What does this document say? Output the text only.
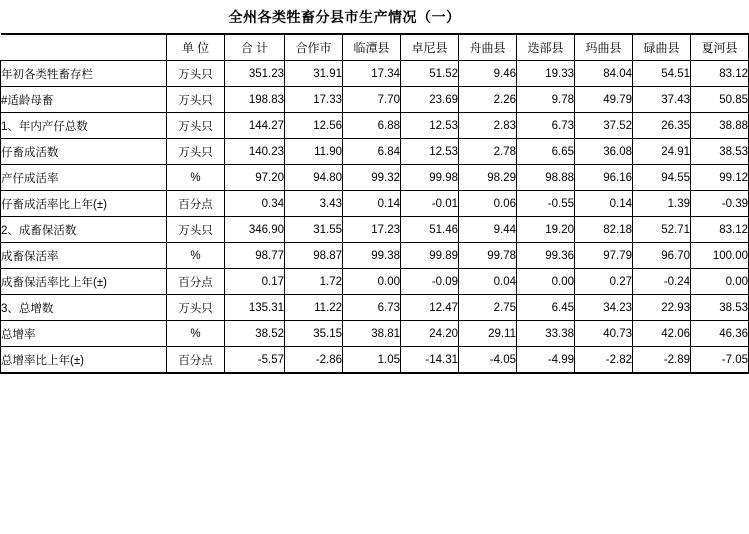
全州各类牲畜分县市生产情况（一）
	单 位	合 计	合作市	临潭县	卓尼县	舟曲县	迭部县	玛曲县	碌曲县	夏河县
年初各类牲畜存栏	万头只	351.23	31.91	17.34	51.52	9.46	19.33	84.04	54.51	83.12
#适龄母畜	万头只	198.83	17.33	7.70	23.69	2.26	9.78	49.79	37.43	50.85
1、年内产仔总数	万头只	144.27	12.56	6.88	12.53	2.83	6.73	37.52	26.35	38.88
仔畜成活数	万头只	140.23	11.90	6.84	12.53	2.78	6.65	36.08	24.91	38.53
产仔成活率	%	97.20	94.80	99.32	99.98	98.29	98.88	96.16	94.55	99.12
仔畜成活率比上年(±)	百分点	0.34	3.43	0.14	-0.01	0.06	-0.55	0.14	1.39	-0.39
2、成畜保活数	万头只	346.90	31.55	17.23	51.46	9.44	19.20	82.18	52.71	83.12
成畜保活率	%	98.77	98.87	99.38	99.89	99.78	99.36	97.79	96.70	100.00
成畜保活率比上年(±)	百分点	0.17	1.72	0.00	-0.09	0.04	0.00	0.27	-0.24	0.00
3、总增数	万头只	135.31	11.22	6.73	12.47	2.75	6.45	34.23	22.93	38.53
总增率	%	38.52	35.15	38.81	24.20	29.11	33.38	40.73	42.06	46.36
总增率比上年(±)	百分点	-5.57	-2.86	1.05	-14.31	-4.05	-4.99	-2.82	-2.89	-7.05
